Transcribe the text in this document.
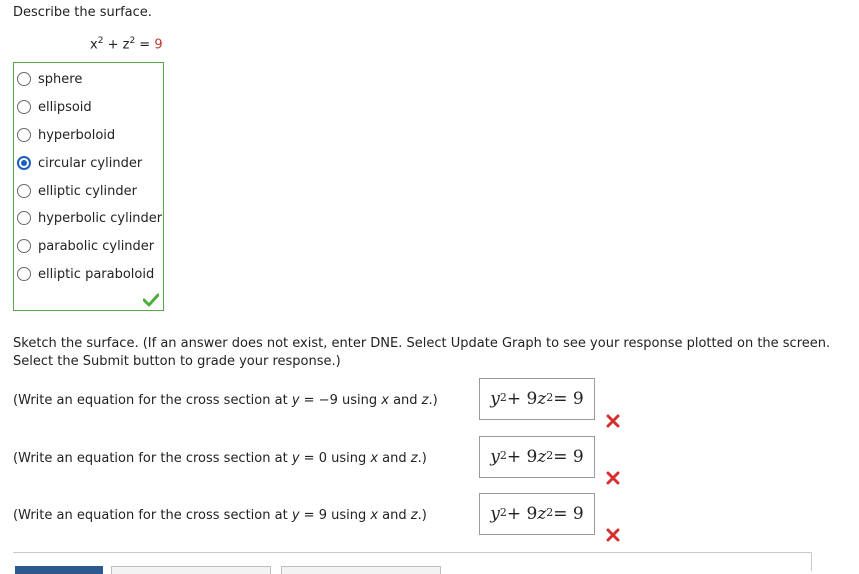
Describe the surface.
$x^2 + z^2 = 9$
sphere
ellipsoid
hyperboloid
circular cylinder
elliptic cylinder
hyperbolic cylinder
parabolic cylinder
elliptic paraboloid
Sketch the surface. (If an answer does not exist, enter DNE. Select Update Graph to see your response plotted on the screen. Select the Submit button to grade your response.)
(Write an equation for the cross section at y = −9 using x and z.)	$y^2 + 9$ $z^2 = 9$
(Write an equation for the cross section at y = 0 using x and z.)	$y^2 + 9$ $z^2 = 9$
(Write an equation for the cross section at y = 9 using x and z.)	$y^2 + 9$ $z^2 = 9$
